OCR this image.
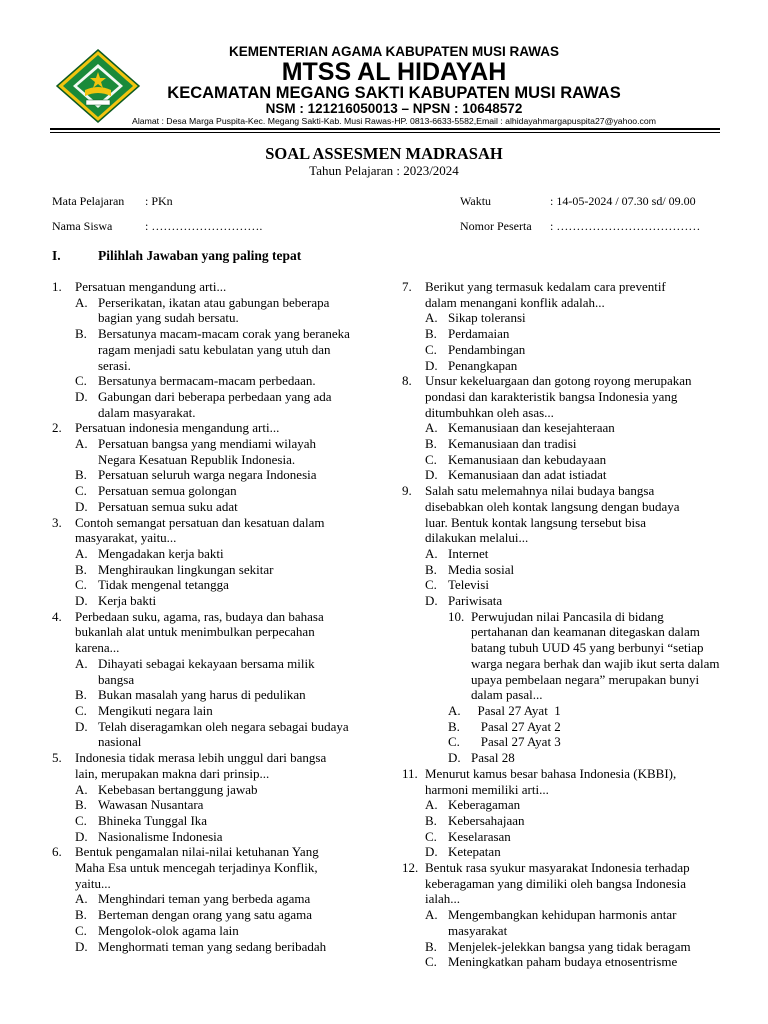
KEMENTERIAN AGAMA KABUPATEN MUSI RAWAS
MTSS AL HIDAYAH
KECAMATAN MEGANG SAKTI KABUPATEN MUSI RAWAS
NSM : 121216050013 – NPSN : 10648572
Alamat : Desa Marga Puspita-Kec. Megang Sakti-Kab. Musi Rawas-HP. 0813-6633-5582,Email : alhidayahmargapuspita27@yahoo.com
SOAL ASSESMEN MADRASAH
Tahun Pelajaran : 2023/2024
Mata Pelajaran : PKn	Waktu	: 14-05-2024 / 07.30 sd/ 09.00
Nama Siswa	: ……………………….	Nomor Peserta : ………………………………
I.	Pilihlah Jawaban yang paling tepat
1. Persatuan mengandung arti...
A. Perserikatan, ikatan atau gabungan beberapa
bagian yang sudah bersatu.
B. Bersatunya macam-macam corak yang beraneka
ragam menjadi satu kebulatan yang utuh dan
serasi.
C. Bersatunya bermacam-macam perbedaan.
D. Gabungan dari beberapa perbedaan yang ada
dalam masyarakat.
2. Persatuan indonesia mengandung arti...
A. Persatuan bangsa yang mendiami wilayah
Negara Kesatuan Republik Indonesia.
B. Persatuan seluruh warga negara Indonesia
C. Persatuan semua golongan
D. Persatuan semua suku adat
3. Contoh semangat persatuan dan kesatuan dalam
masyarakat, yaitu...
A. Mengadakan kerja bakti
B. Menghiraukan lingkungan sekitar
C. Tidak mengenal tetangga
D. Kerja bakti
4. Perbedaan suku, agama, ras, budaya dan bahasa
bukanlah alat untuk menimbulkan perpecahan
karena...
A. Dihayati sebagai kekayaan bersama milik
bangsa
B. Bukan masalah yang harus di pedulikan
C. Mengikuti negara lain
D. Telah diseragamkan oleh negara sebagai budaya
nasional
5. Indonesia tidak merasa lebih unggul dari bangsa
lain, merupakan makna dari prinsip...
A. Kebebasan bertanggung jawab
B. Wawasan Nusantara
C. Bhineka Tunggal Ika
D. Nasionalisme Indonesia
6. Bentuk pengamalan nilai-nilai ketuhanan Yang
Maha Esa untuk mencegah terjadinya Konflik,
yaitu...
A. Menghindari teman yang berbeda agama
B. Berteman dengan orang yang satu agama
C. Mengolok-olok agama lain
D. Menghormati teman yang sedang beribadah
7. Berikut yang termasuk kedalam cara preventif
dalam menangani konflik adalah...
A. Sikap toleransi
B. Perdamaian
C. Pendambingan
D. Penangkapan
8. Unsur kekeluargaan dan gotong royong merupakan
pondasi dan karakteristik bangsa Indonesia yang
ditumbuhkan oleh asas...
A. Kemanusiaan dan kesejahteraan
B. Kemanusiaan dan tradisi
C. Kemanusiaan dan kebudayaan
D. Kemanusiaan dan adat istiadat
9. Salah satu melemahnya nilai budaya bangsa
disebabkan oleh kontak langsung dengan budaya
luar. Bentuk kontak langsung tersebut bisa
dilakukan melalui...
A. Internet
B. Media sosial
C. Televisi
D. Pariwisata
10. Perwujudan nilai Pancasila di bidang
pertahanan dan keamanan ditegaskan dalam
batang tubuh UUD 45 yang berbunyi “setiap
warga negara berhak dan wajib ikut serta dalam
upaya pembelaan negara” merupakan bunyi
dalam pasal...
A. Pasal 27 Ayat  1
B. Pasal 27 Ayat 2
C. Pasal 27 Ayat 3
D. Pasal 28
11. Menurut kamus besar bahasa Indonesia (KBBI),
harmoni memiliki arti...
A. Keberagaman
B. Kebersahajaan
C. Keselarasan
D. Ketepatan
12. Bentuk rasa syukur masyarakat Indonesia terhadap
keberagaman yang dimiliki oleh bangsa Indonesia
ialah...
A. Mengembangkan kehidupan harmonis antar
masyarakat
B. Menjelek-jelekkan bangsa yang tidak beragam
C. Meningkatkan paham budaya etnosentrisme
